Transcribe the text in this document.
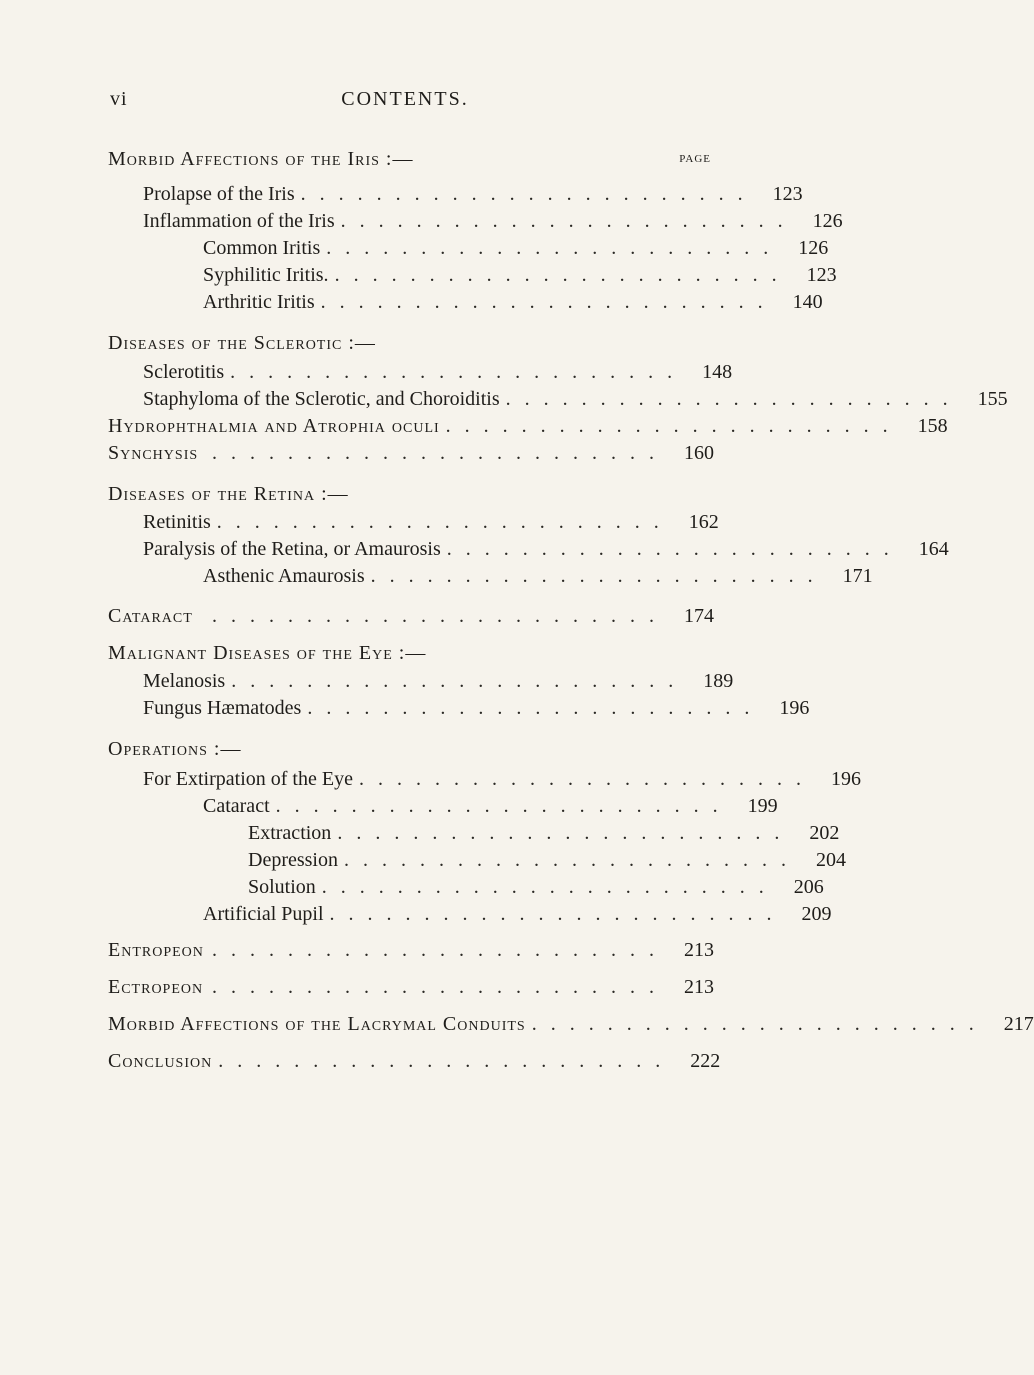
vi	CONTENTS.
PAGE
Morbid Affections of the Iris :—
Prolapse of the Iris ........................ 123
Inflammation of the Iris ........................ 126
Common Iritis ........................ 126
Syphilitic Iritis. ........................ 123
Arthritic Iritis ........................ 140
Diseases of the Sclerotic :—
Sclerotitis ........................ 148
Staphyloma of the Sclerotic, and Choroiditis ........................ 155
Hydrophthalmia and Atrophia oculi ........................ 158
Synchysis ........................ 160
Diseases of the Retina :—
Retinitis ........................ 162
Paralysis of the Retina, or Amaurosis ........................ 164
Asthenic Amaurosis ........................ 171
Cataract ........................ 174
Malignant Diseases of the Eye :—
Melanosis ........................ 189
Fungus Hæmatodes ........................ 196
Operations :—
For Extirpation of the Eye ........................ 196
Cataract ........................ 199
Extraction ........................ 202
Depression ........................ 204
Solution ........................ 206
Artificial Pupil ........................ 209
Entropeon ........................ 213
Ectropeon ........................ 213
Morbid Affections of the Lacrymal Conduits ........................ 217
Conclusion ........................ 222
